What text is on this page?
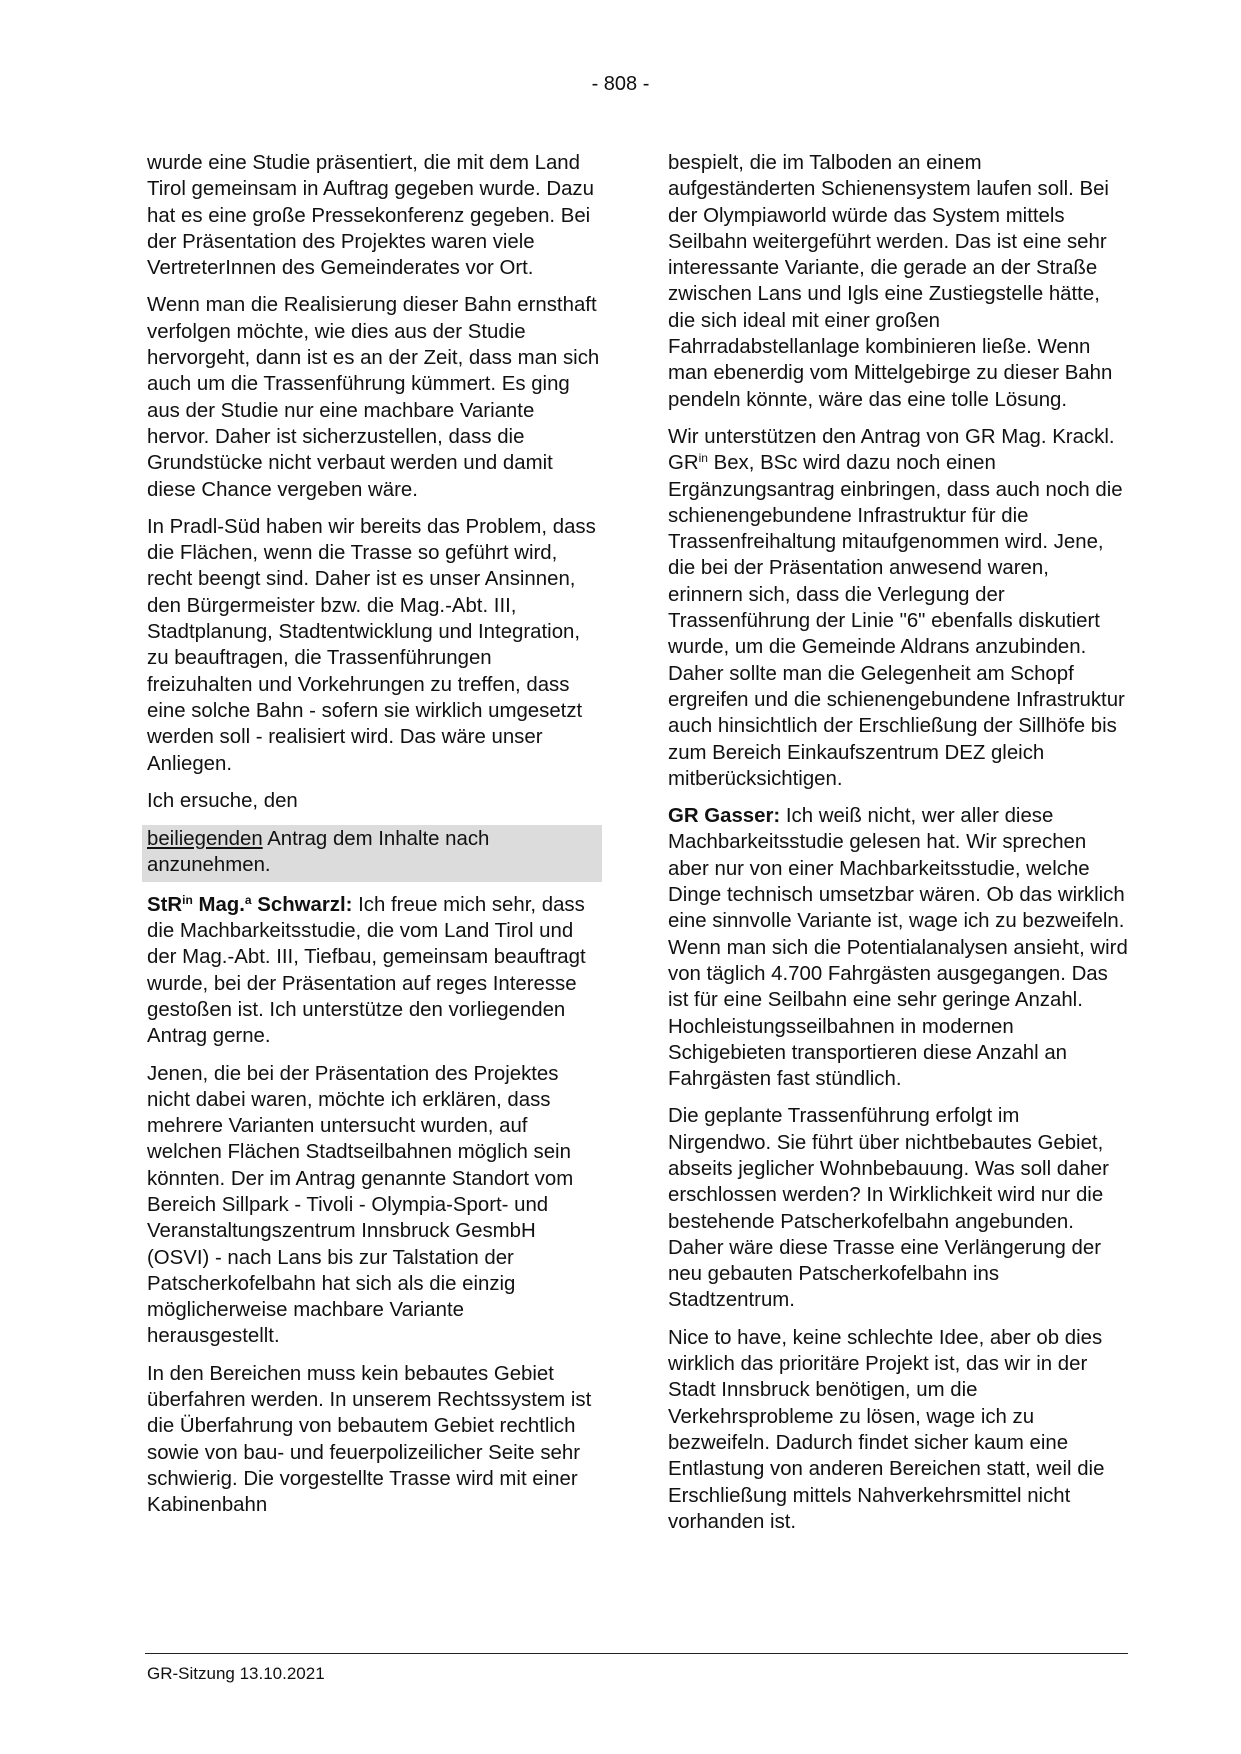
- 808 -

wurde eine Studie präsentiert, die mit dem Land Tirol gemeinsam in Auftrag gegeben wurde. Dazu hat es eine große Pressekonferenz gegeben. Bei der Präsentation des Projektes waren viele VertreterInnen des Gemeinderates vor Ort.

Wenn man die Realisierung dieser Bahn ernsthaft verfolgen möchte, wie dies aus der Studie hervorgeht, dann ist es an der Zeit, dass man sich auch um die Trassenführung kümmert. Es ging aus der Studie nur eine machbare Variante hervor. Daher ist sicherzustellen, dass die Grundstücke nicht verbaut werden und damit diese Chance vergeben wäre.

In Pradl-Süd haben wir bereits das Problem, dass die Flächen, wenn die Trasse so geführt wird, recht beengt sind. Daher ist es unser Ansinnen, den Bürgermeister bzw. die Mag.-Abt. III, Stadtplanung, Stadtentwicklung und Integration, zu beauftragen, die Trassenführungen freizuhalten und Vorkehrungen zu treffen, dass eine solche Bahn - sofern sie wirklich umgesetzt werden soll - realisiert wird. Das wäre unser Anliegen.

Ich ersuche, den

beiliegenden Antrag dem Inhalte nach anzunehmen.

StR$^{in}$ Mag.$^a$ Schwarzl: Ich freue mich sehr, dass die Machbarkeitsstudie, die vom Land Tirol und der Mag.-Abt. III, Tiefbau, gemeinsam beauftragt wurde, bei der Präsentation auf reges Interesse gestoßen ist. Ich unterstütze den vorliegenden Antrag gerne.

Jenen, die bei der Präsentation des Projektes nicht dabei waren, möchte ich erklären, dass mehrere Varianten untersucht wurden, auf welchen Flächen Stadtseilbahnen möglich sein könnten. Der im Antrag genannte Standort vom Bereich Sillpark - Tivoli - Olympia-Sport- und Veranstaltungszentrum Innsbruck GesmbH (OSVI) - nach Lans bis zur Talstation der Patscherkofelbahn hat sich als die einzig möglicherweise machbare Variante herausgestellt.

In den Bereichen muss kein bebautes Gebiet überfahren werden. In unserem Rechtssystem ist die Überfahrung von bebautem Gebiet rechtlich sowie von bau- und feuerpolizeilicher Seite sehr schwierig. Die vorgestellte Trasse wird mit einer Kabinenbahn

bespielt, die im Talboden an einem aufgeständerten Schienensystem laufen soll. Bei der Olympiaworld würde das System mittels Seilbahn weitergeführt werden. Das ist eine sehr interessante Variante, die gerade an der Straße zwischen Lans und Igls eine Zustiegstelle hätte, die sich ideal mit einer großen Fahrradabstellanlage kombinieren ließe. Wenn man ebenerdig vom Mittelgebirge zu dieser Bahn pendeln könnte, wäre das eine tolle Lösung.

Wir unterstützen den Antrag von GR Mag. Krackl. $GR^{in}$ Bex, BSc wird dazu noch einen Ergänzungsantrag einbringen, dass auch noch die schienengebundene Infrastruktur für die Trassenfreihaltung mitaufgenommen wird. Jene, die bei der Präsentation anwesend waren, erinnern sich, dass die Verlegung der Trassenführung der Linie "6" ebenfalls diskutiert wurde, um die Gemeinde Aldrans anzubinden. Daher sollte man die Gelegenheit am Schopf ergreifen und die schienengebundene Infrastruktur auch hinsichtlich der Erschließung der Sillhöfe bis zum Bereich Einkaufszentrum DEZ gleich mitberücksichtigen.

GR Gasser: Ich weiß nicht, wer aller diese Machbarkeitsstudie gelesen hat. Wir sprechen aber nur von einer Machbarkeitsstudie, welche Dinge technisch umsetzbar wären. Ob das wirklich eine sinnvolle Variante ist, wage ich zu bezweifeln. Wenn man sich die Potentialanalysen ansieht, wird von täglich 4.700 Fahrgästen ausgegangen. Das ist für eine Seilbahn eine sehr geringe Anzahl. Hochleistungsseilbahnen in modernen Schigebieten transportieren diese Anzahl an Fahrgästen fast stündlich.

Die geplante Trassenführung erfolgt im Nirgendwo. Sie führt über nichtbebautes Gebiet, abseits jeglicher Wohnbebauung. Was soll daher erschlossen werden? In Wirklichkeit wird nur die bestehende Patscherkofelbahn angebunden. Daher wäre diese Trasse eine Verlängerung der neu gebauten Patscherkofelbahn ins Stadtzentrum.

Nice to have, keine schlechte Idee, aber ob dies wirklich das prioritäre Projekt ist, das wir in der Stadt Innsbruck benötigen, um die Verkehrsprobleme zu lösen, wage ich zu bezweifeln. Dadurch findet sicher kaum eine Entlastung von anderen Bereichen statt, weil die Erschließung mittels Nahverkehrsmittel nicht vorhanden ist.

GR-Sitzung 13.10.2021
